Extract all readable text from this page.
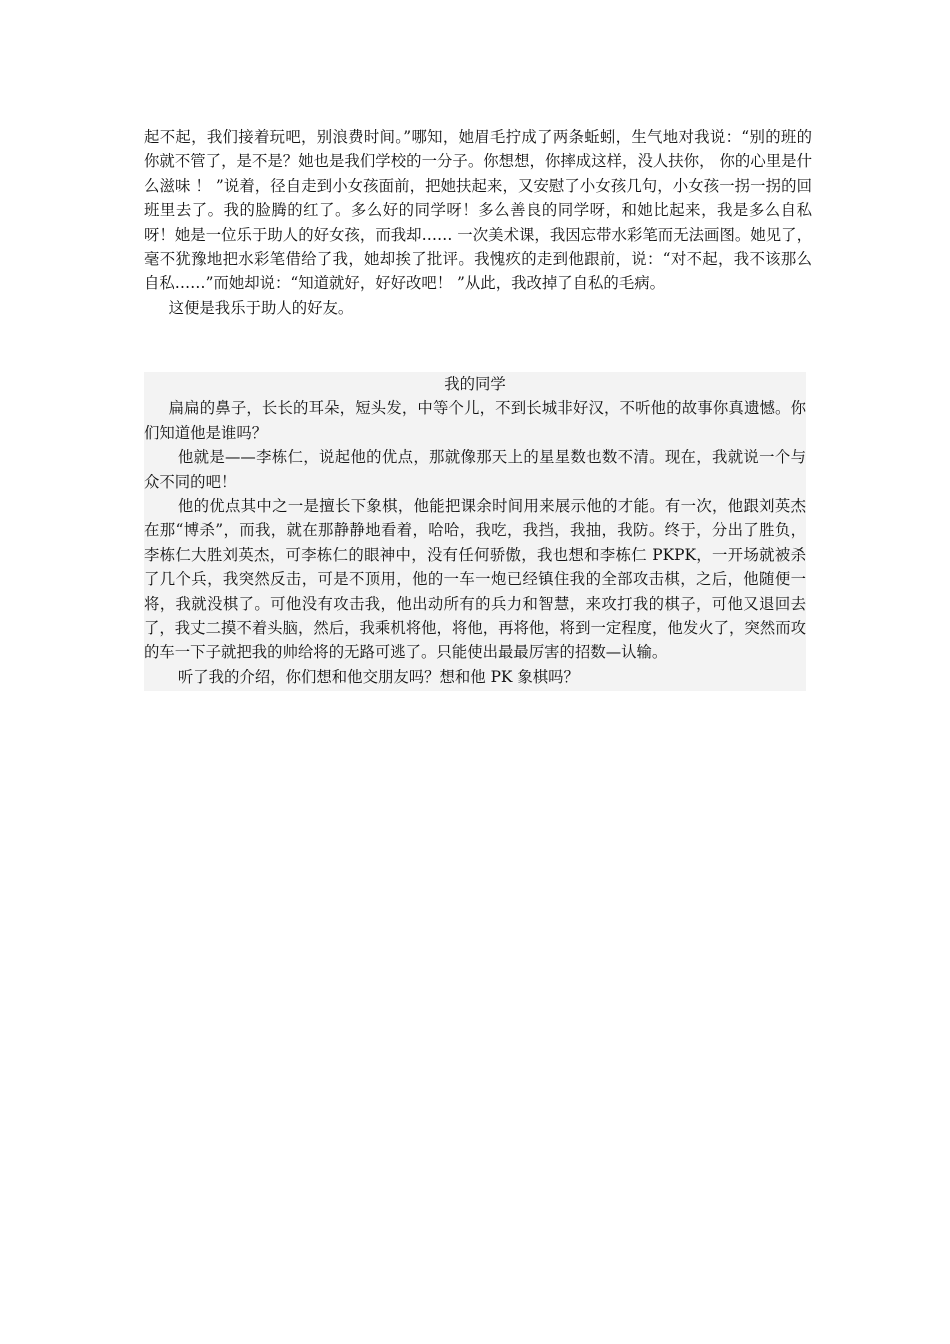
起不起，我们接着玩吧，别浪费时间。”哪知，她眉毛拧成了两条蚯蚓，生气地对我说：“别的班的你就不管了，是不是？她也是我们学校的一分子。你想想，你摔成这样，没人扶你， 你的心里是什么滋味 ！ ”说着，径自走到小女孩面前，把她扶起来，又安慰了小女孩几句，小女孩一拐一拐的回班里去了。我的脸腾的红了。多么好的同学呀！多么善良的同学呀，和她比起来，我是多么自私呀！她是一位乐于助人的好女孩，而我却…… 一次美术课，我因忘带水彩笔而无法画图。她见了，毫不犹豫地把水彩笔借给了我，她却挨了批评。我愧疚的走到他跟前，说：“对不起，我不该那么自私……”而她却说：“知道就好，好好改吧！ ”从此，我改掉了自私的毛病。

这便是我乐于助人的好友。

我的同学

扁扁的鼻子，长长的耳朵，短头发，中等个儿，不到长城非好汉，不听他的故事你真遗憾。你们知道他是谁吗？

他就是——李栋仁，说起他的优点，那就像那天上的星星数也数不清。现在，我就说一个与众不同的吧！

他的优点其中之一是擅长下象棋，他能把课余时间用来展示他的才能。有一次，他跟刘英杰在那“博杀”，而我，就在那静静地看着，哈哈，我吃，我挡，我抽，我防。终于，分出了胜负，李栋仁大胜刘英杰，可李栋仁的眼神中，没有任何骄傲，我也想和李栋仁 PKPK，一开场就被杀了几个兵，我突然反击，可是不顶用，他的一车一炮已经镇住我的全部攻击棋，之后，他随便一将，我就没棋了。可他没有攻击我，他出动所有的兵力和智慧，来攻打我的棋子，可他又退回去了，我丈二摸不着头脑，然后，我乘机将他，将他，再将他，将到一定程度，他发火了，突然而攻的车一下子就把我的帅给将的无路可逃了。只能使出最最厉害的招数—认输。

听了我的介绍，你们想和他交朋友吗？想和他 PK 象棋吗？
